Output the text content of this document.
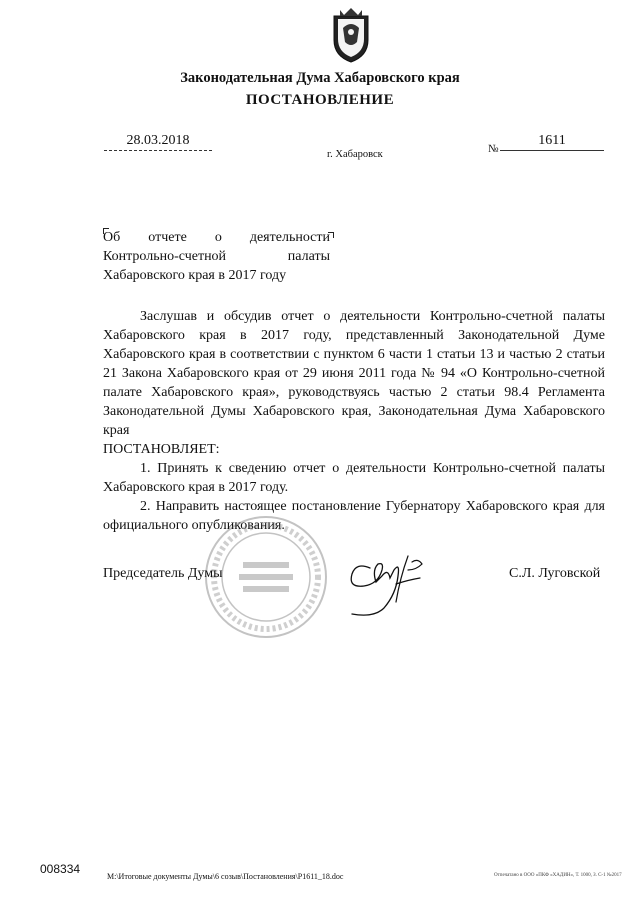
Законодательная Дума Хабаровского края
ПОСТАНОВЛЕНИЕ
28.03.2018
г. Хабаровск	№
1611
Об отчете о деятельности
Контрольно-счетной палаты
Хабаровского края в 2017 году

Заслушав и обсудив отчет о деятельности Контрольно-счетной палаты Хабаровского края в 2017 году, представленный Законодательной Думе Хабаровского края в соответствии с пунктом 6 части 1 статьи 13 и частью 2 статьи 21 Закона Хабаровского края от 29 июня 2011 года № 94 «О Контрольно-счетной палате Хабаровского края», руководствуясь частью 2 статьи 98.4 Регламента Законодательной Думы Хабаровского края, Законодательная Дума Хабаровского края

ПОСТАНОВЛЯЕТ:

1. Принять к сведению отчет о деятельности Контрольно-счетной палаты Хабаровского края в 2017 году.

2. Направить настоящее постановление Губернатору Хабаровского края для официального опубликования.

Председатель Думы	С.Л. Луговской
008334
M:\Итоговые документы Думы\6 созыв\Постановления\P1611_18.doc	Отпечатано в ООО «ПКФ «ХАДИН», Т. 1000, З. С-1 №2017
